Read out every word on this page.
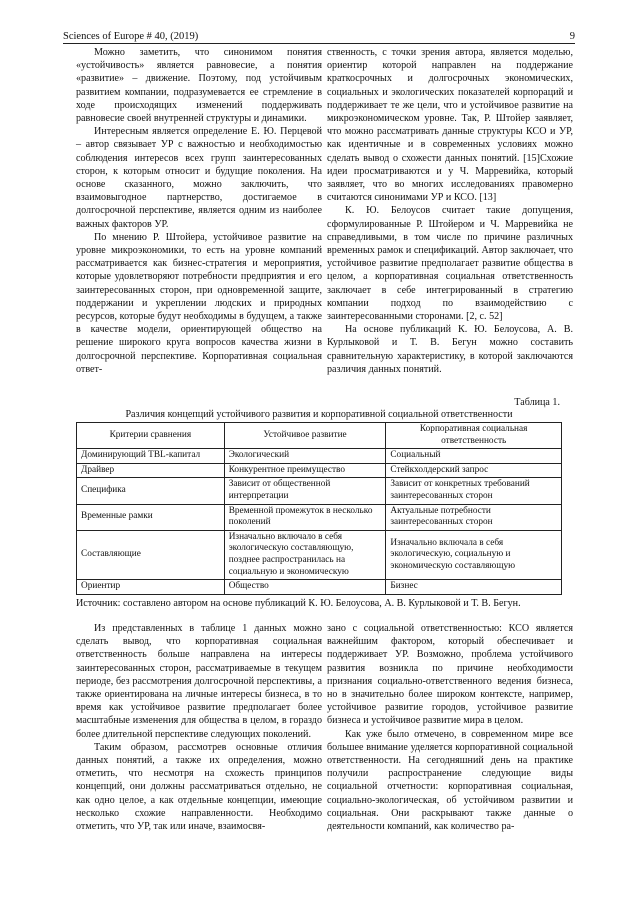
Sciences of Europe # 40, (2019)	9

Можно заметить, что синонимом понятия «устойчивость» является равновесие, а понятия «развитие» – движение. Поэтому, под устойчивым развитием компании, подразумевается ее стремление в ходе происходящих изменений поддерживать равновесие своей внутренней структуры и динамики.

Интересным является определение Е. Ю. Перцевой – автор связывает УР с важностью и необходимостью соблюдения интересов всех групп заинтересованных сторон, к которым относит и будущие поколения. На основе сказанного, можно заключить, что взаимовыгодное партнерство, достигаемое в долгосрочной перспективе, является одним из наиболее важных факторов УР.

По мнению Р. Штойера, устойчивое развитие на уровне микроэкономики, то есть на уровне компаний рассматривается как бизнес-стратегия и мероприятия, которые удовлетворяют потребности предприятия и его заинтересованных сторон, при одновременной защите, поддержании и укреплении людских и природных ресурсов, которые будут необходимы в будущем, а также в качестве модели, ориентирующей общество на решение широкого круга вопросов качества жизни в долгосрочной перспективе. Корпоративная социальная ответ-

ственность, с точки зрения автора, является моделью, ориентир которой направлен на поддержание краткосрочных и долгосрочных экономических, социальных и экологических показателей корпораций и поддерживает те же цели, что и устойчивое развитие на микроэкономическом уровне. Так, Р. Штойер заявляет, что можно рассматривать данные структуры КСО и УР, как идентичные и в современных условиях можно сделать вывод о схожести данных понятий. [15]Схожие идеи просматриваются и у Ч. Марревийка, который заявляет, что во многих исследованиях правомерно считаются синонимами УР и КСО. [13]

К. Ю. Белоусов считает такие допущения, сформулированные Р. Штойером и Ч. Марревийка не справедливыми, в том числе по причине различных временных рамок и спецификаций. Автор заключает, что устойчивое развитие предполагает развитие общества в целом, а корпоративная социальная ответственность заключает в себе интегрированный в стратегию компании подход по взаимодействию с заинтересованными сторонами. [2, с. 52]

На основе публикаций К. Ю. Белоусова, А. В. Курлыковой и Т. В. Бегун можно составить сравнительную характеристику, в которой заключаются различия данных понятий.

Таблица 1.
Различия концепций устойчивого развития и корпоративной социальной ответственности
Критерии сравнения	Устойчивое развитие	Корпоративная социальная ответственность
Доминирующий TBL-капитал	Экологический	Социальный
Драйвер	Конкурентное преимущество	Стейкхолдерский запрос
Специфика	Зависит от общественной интерпретации	Зависит от конкретных требований заинтересованных сторон
Временные рамки	Временной промежуток в несколько поколений	Актуальные потребности заинтересованных сторон
Составляющие	Изначально включало в себя экологическую составляющую, позднее распространилась на социальную и экономическую	Изначально включала в себя экологическую, социальную и экономическую составляющую
Ориентир	Общество	Бизнес
Источник: составлено автором на основе публикаций К. Ю. Белоусова, А. В. Курлыковой и Т. В. Бегун.

Из представленных в таблице 1 данных можно сделать вывод, что корпоративная социальная ответственность больше направлена на интересы заинтересованных сторон, рассматриваемые в текущем периоде, без рассмотрения долгосрочной перспективы, а также ориентирована на личные интересы бизнеса, в то время как устойчивое развитие предполагает более масштабные изменения для общества в целом, в гораздо более длительной перспективе следующих поколений.

Таким образом, рассмотрев основные отличия данных понятий, а также их определения, можно отметить, что несмотря на схожесть принципов концепций, они должны рассматриваться отдельно, не как одно целое, а как отдельные концепции, имеющие несколько схожие направленности. Необходимо отметить, что УР, так или иначе, взаимосвя-

зано с социальной ответственностью: КСО является важнейшим фактором, который обеспечивает и поддерживает УР. Возможно, проблема устойчивого развития возникла по причине необходимости признания социально-ответственного ведения бизнеса, но в значительно более широком контексте, например, устойчивое развитие городов, устойчивое развитие бизнеса и устойчивое развитие мира в целом.

Как уже было отмечено, в современном мире все большее внимание уделяется корпоративной социальной ответственности. На сегодняшний день на практике получили распространение следующие виды социальной отчетности: корпоративная социальная, социально-экологическая, об устойчивом развитии и социальная. Они раскрывают также данные о деятельности компаний, как количество ра-
